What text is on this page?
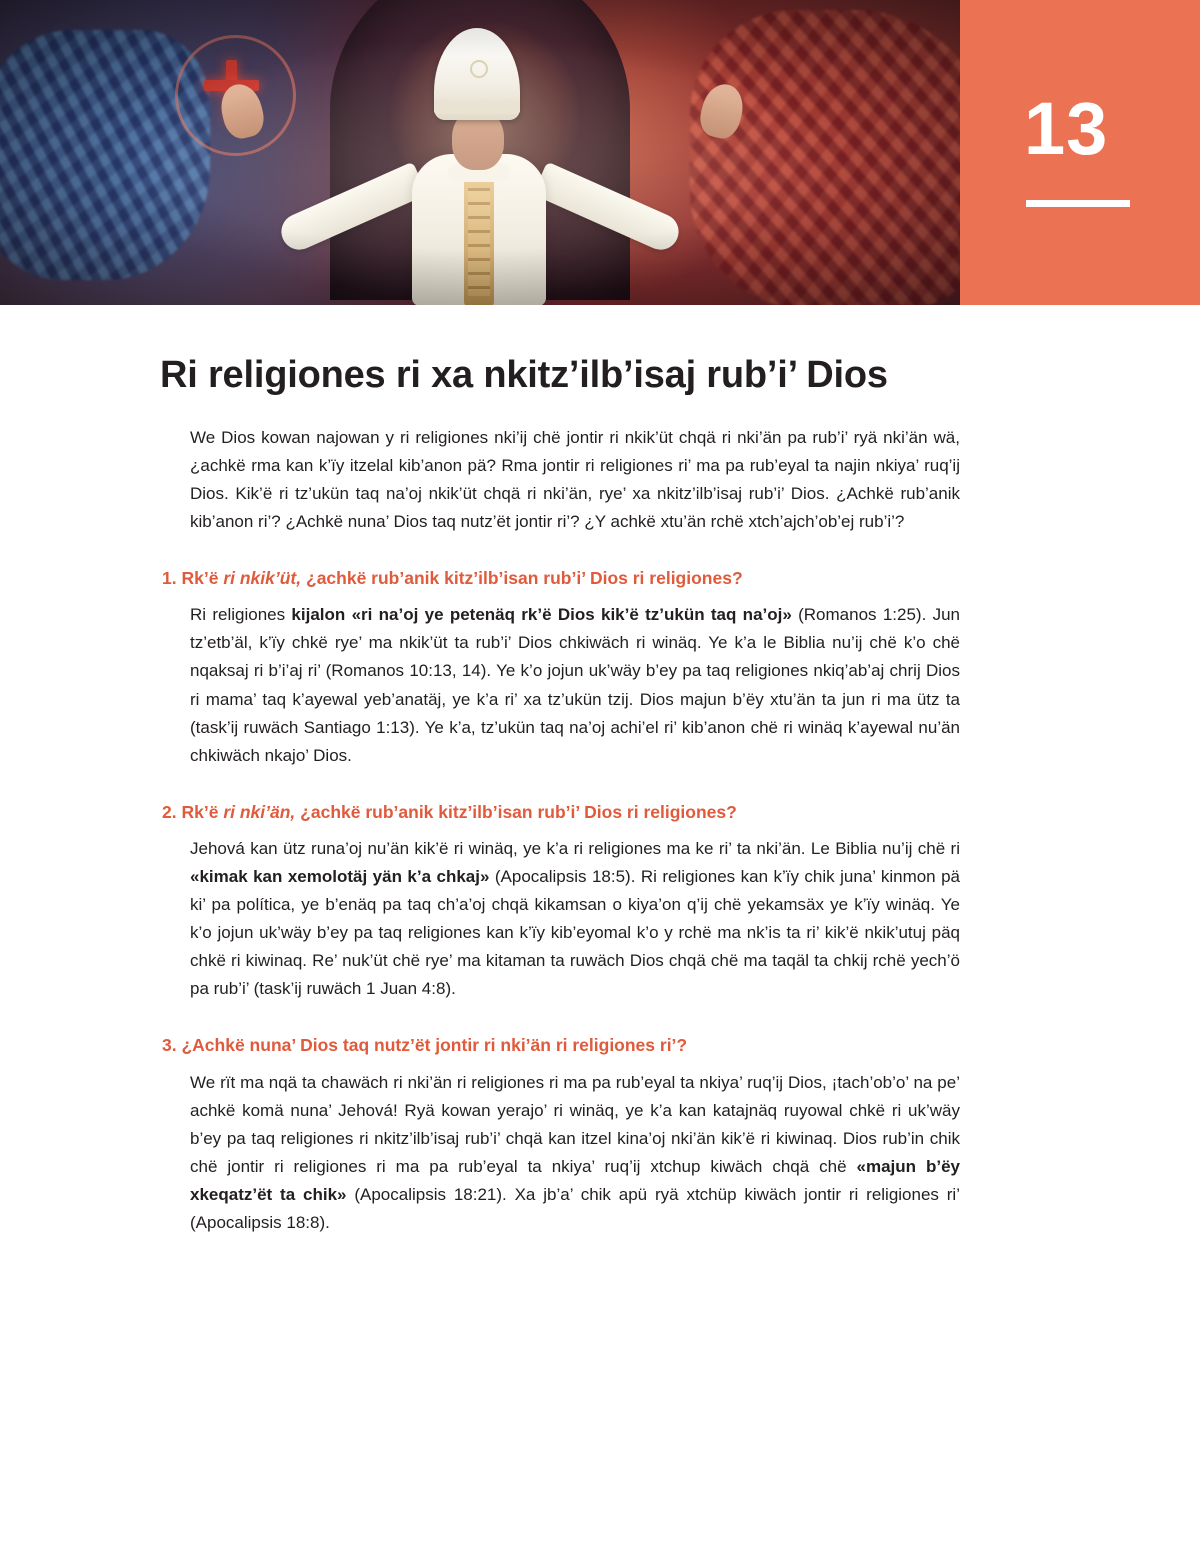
13
Ri religiones ri xa nkitz’ilb’isaj rub’i’ Dios

We Dios kowan najowan y ri religiones nki’ij chë jontir ri nkik’üt chqä ri nki’än pa rub’i’ ryä nki’än wä, ¿achkë rma kan k’ïy itzelal kib’anon pä? Rma jontir ri religiones ri’ ma pa rub’eyal ta najin nkiya’ ruq’ij Dios. Kik’ë ri tz’ukün taq na’oj nkik’üt chqä ri nki’än, rye’ xa nkitz’ilb’isaj rub’i’ Dios. ¿Achkë rub’anik kib’anon ri’? ¿Achkë nuna’ Dios taq nutz’ët jontir ri’? ¿Y achkë xtu’än rchë xtch’ajch’ob’ej rub’i’?

1. Rk’ë ri nkik’üt, ¿achkë rub’anik kitz’ilb’isan rub’i’ Dios ri religiones?

Ri religiones kijalon «ri na’oj ye petenäq rk’ë Dios kik’ë tz’ukün taq na’oj» (Romanos 1:25). Jun tz’etb’äl, k’ïy chkë rye’ ma nkik’üt ta rub’i’ Dios chkiwäch ri winäq. Ye k’a le Biblia nu’ij chë k’o chë nqaksaj ri b’i’aj ri’ (Romanos 10:13, 14). Ye k’o jojun uk’wäy b’ey pa taq religiones nkiq’ab’aj chrij Dios ri mama’ taq k’ayewal yeb’anatäj, ye k’a ri’ xa tz’ukün tzij. Dios majun b’ëy xtu’än ta jun ri ma ütz ta (task’ij ruwäch Santiago 1:13). Ye k’a, tz’ukün taq na’oj achi’el ri’ kib’anon chë ri winäq k’ayewal nu’än chkiwäch nkajo’ Dios.

2. Rk’ë ri nki’än, ¿achkë rub’anik kitz’ilb’isan rub’i’ Dios ri religiones?

Jehová kan ütz runa’oj nu’än kik’ë ri winäq, ye k’a ri religiones ma ke ri’ ta nki’än. Le Biblia nu’ij chë ri «kimak kan xemolotäj yän k’a chkaj» (Apocalipsis 18:5). Ri religiones kan k’ïy chik juna’ kinmon pä ki’ pa política, ye b’enäq pa taq ch’a’oj chqä kikamsan o kiya’on q’ij chë yekamsäx ye k’ïy winäq. Ye k’o jojun uk’wäy b’ey pa taq religiones kan k’ïy kib’eyomal k’o y rchë ma nk’is ta ri’ kik’ë nkik’utuj päq chkë ri kiwinaq. Re’ nuk’üt chë rye’ ma kitaman ta ruwäch Dios chqä chë ma taqäl ta chkij rchë yech’ö pa rub’i’ (task’ij ruwäch 1 Juan 4:8).

3. ¿Achkë nuna’ Dios taq nutz’ët jontir ri nki’än ri religiones ri’?

We rït ma nqä ta chawäch ri nki’än ri religiones ri ma pa rub’eyal ta nkiya’ ruq’ij Dios, ¡tach’ob’o’ na pe’ achkë komä nuna’ Jehová! Ryä kowan yerajo’ ri winäq, ye k’a kan katajnäq ruyowal chkë ri uk’wäy b’ey pa taq religiones ri nkitz’ilb’isaj rub’i’ chqä kan itzel kina’oj nki’än kik’ë ri kiwinaq. Dios rub’in chik chë jontir ri religiones ri ma pa rub’eyal ta nkiya’ ruq’ij xtchup kiwäch chqä chë «majun b’ëy xkeqatz’ët ta chik» (Apocalipsis 18:21). Xa jb’a’ chik apü ryä xtchüp kiwäch jontir ri religiones ri’ (Apocalipsis 18:8).
